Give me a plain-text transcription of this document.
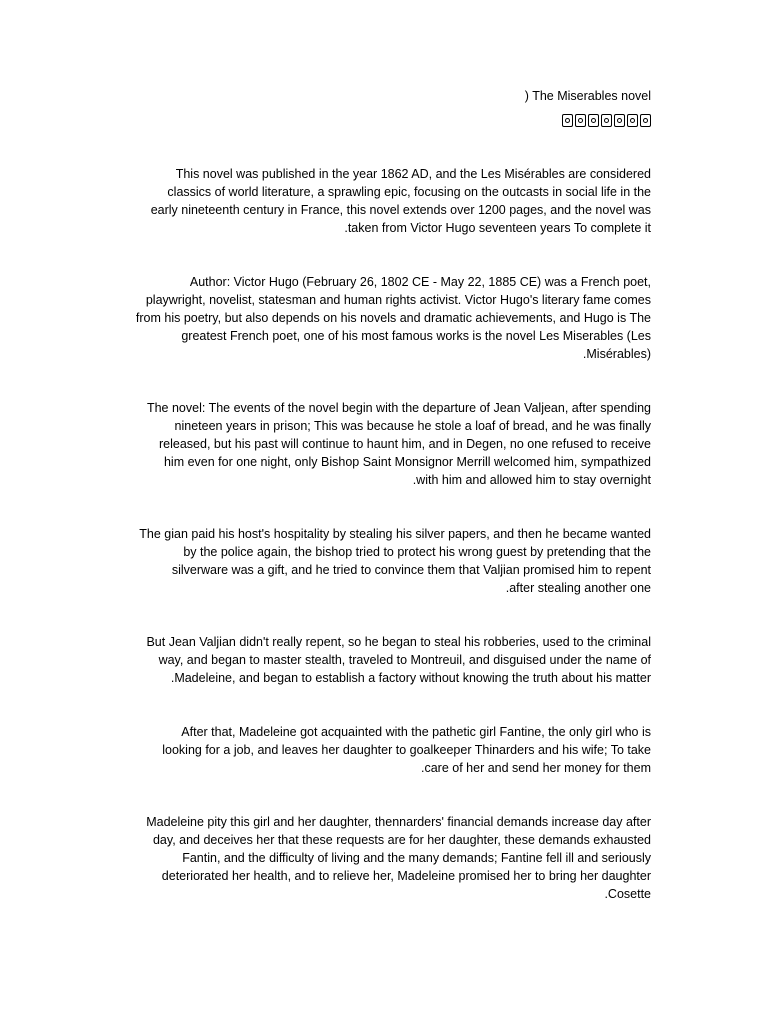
) The Miserables novel
This novel was published in the year 1862 AD, and the Les Misérables are considered
classics of world literature, a sprawling epic, focusing on the outcasts in social life in the
early nineteenth century in France, this novel extends over 1200 pages, and the novel was
.taken from Victor Hugo seventeen years To complete it
Author: Victor Hugo (February 26, 1802 CE - May 22, 1885 CE) was a French poet,
playwright, novelist, statesman and human rights activist. Victor Hugo's literary fame comes
from his poetry, but also depends on his novels and dramatic achievements, and Hugo is The
greatest French poet, one of his most famous works is the novel Les Miserables (Les
.Misérables)
The novel: The events of the novel begin with the departure of Jean Valjean, after spending
nineteen years in prison; This was because he stole a loaf of bread, and he was finally
released, but his past will continue to haunt him, and in Degen, no one refused to receive
him even for one night, only Bishop Saint Monsignor Merrill welcomed him, sympathized
.with him and allowed him to stay overnight
The gian paid his host's hospitality by stealing his silver papers, and then he became wanted
by the police again, the bishop tried to protect his wrong guest by pretending that the
silverware was a gift, and he tried to convince them that Valjian promised him to repent
.after stealing another one
But Jean Valjian didn't really repent, so he began to steal his robberies, used to the criminal
way, and began to master stealth, traveled to Montreuil, and disguised under the name of
.Madeleine, and began to establish a factory without knowing the truth about his matter
After that, Madeleine got acquainted with the pathetic girl Fantine, the only girl who is
looking for a job, and leaves her daughter to goalkeeper Thinarders and his wife; To take
.care of her and send her money for them
Madeleine pity this girl and her daughter, thennarders' financial demands increase day after
day, and deceives her that these requests are for her daughter, these demands exhausted
Fantin, and the difficulty of living and the many demands; Fantine fell ill and seriously
deteriorated her health, and to relieve her, Madeleine promised her to bring her daughter
.Cosette
